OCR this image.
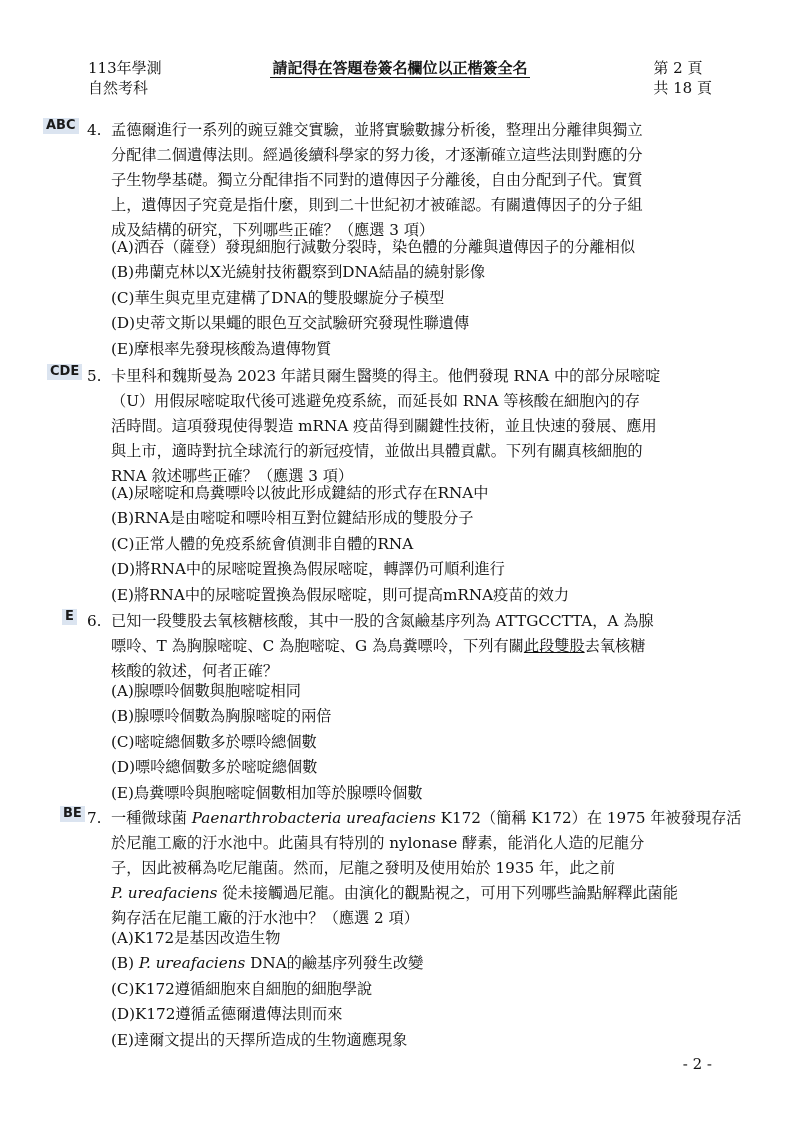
113年學測
自然考科
請記得在答題卷簽名欄位以正楷簽全名	第 2 頁
共 18 頁
ABC 4. 孟德爾進行一系列的豌豆雜交實驗，並將實驗數據分析後，整理出分離律與獨立
分配律二個遺傳法則。經過後續科學家的努力後，才逐漸確立這些法則對應的分
子生物學基礎。獨立分配律指不同對的遺傳因子分離後，自由分配到子代。實質
上，遺傳因子究竟是指什麼，則到二十世紀初才被確認。有關遺傳因子的分子組
成及結構的研究，下列哪些正確？（應選 3 項）
(A)洒吞（薩登）發現細胞行減數分裂時，染色體的分離與遺傳因子的分離相似
(B)弗蘭克林以X光繞射技術觀察到DNA結晶的繞射影像
(C)華生與克里克建構了DNA的雙股螺旋分子模型
(D)史蒂文斯以果蠅的眼色互交試驗研究發現性聯遺傳
(E)摩根率先發現核酸為遺傳物質
CDE 5. 卡里科和魏斯曼為 2023 年諾貝爾生醫獎的得主。他們發現 RNA 中的部分尿嘧啶
（U）用假尿嘧啶取代後可逃避免疫系統，而延長如 RNA 等核酸在細胞內的存
活時間。這項發現使得製造 mRNA 疫苗得到關鍵性技術，並且快速的發展、應用
與上市，適時對抗全球流行的新冠疫情，並做出具體貢獻。下列有關真核細胞的
RNA 敘述哪些正確？（應選 3 項）
(A)尿嘧啶和鳥糞嘌呤以彼此形成鍵結的形式存在RNA中
(B)RNA是由嘧啶和嘌呤相互對位鍵結形成的雙股分子
(C)正常人體的免疫系統會偵測非自體的RNA
(D)將RNA中的尿嘧啶置換為假尿嘧啶，轉譯仍可順利進行
(E)將RNA中的尿嘧啶置換為假尿嘧啶，則可提高mRNA疫苗的效力
E 6. 已知一段雙股去氧核糖核酸，其中一股的含氮鹼基序列為 ATTGCCTTA，A 為腺
嘌呤、T 為胸腺嘧啶、C 為胞嘧啶、G 為鳥糞嘌呤，下列有關此段雙股去氧核糖
核酸的敘述，何者正確？
(A)腺嘌呤個數與胞嘧啶相同
(B)腺嘌呤個數為胸腺嘧啶的兩倍
(C)嘧啶總個數多於嘌呤總個數
(D)嘌呤總個數多於嘧啶總個數
(E)鳥糞嘌呤與胞嘧啶個數相加等於腺嘌呤個數
BE 7. 一種微球菌 Paenarthrobacteria ureafaciens K172（簡稱 K172）在 1975 年被發現存活
於尼龍工廠的汙水池中。此菌具有特別的 nylonase 酵素，能消化人造的尼龍分
子，因此被稱為吃尼龍菌。然而，尼龍之發明及使用始於 1935 年，此之前
P. ureafaciens 從未接觸過尼龍。由演化的觀點視之，可用下列哪些論點解釋此菌能
夠存活在尼龍工廠的汙水池中？（應選 2 項）
(A)K172是基因改造生物
(B) P. ureafaciens DNA的鹼基序列發生改變
(C)K172遵循細胞來自細胞的細胞學說
(D)K172遵循孟德爾遺傳法則而來
(E)達爾文提出的天擇所造成的生物適應現象
- 2 -
